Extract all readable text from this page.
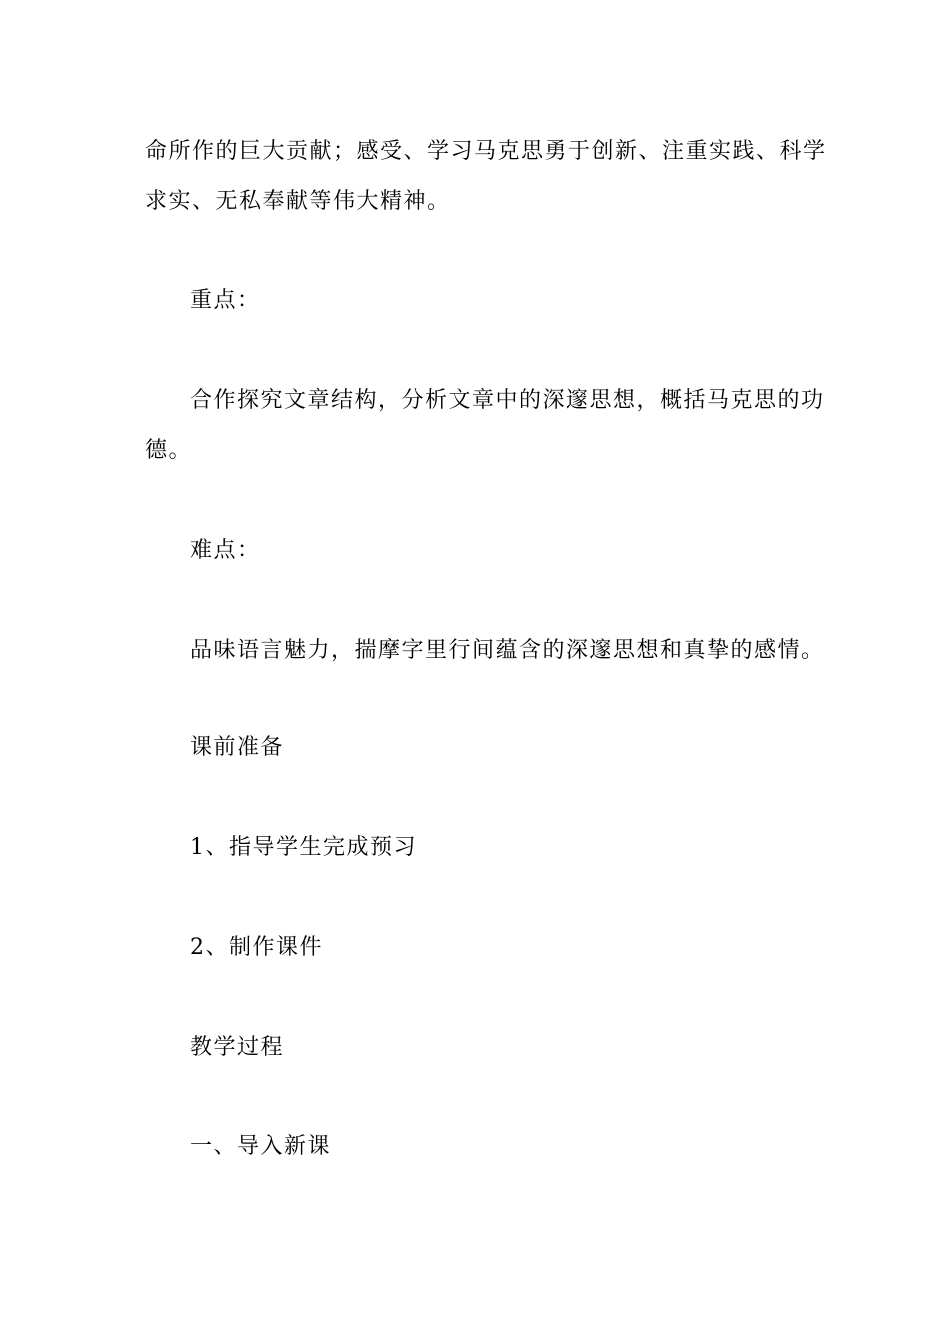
命所作的巨大贡献；感受、学习马克思勇于创新、注重实践、科学
求实、无私奉献等伟大精神。
重点：
合作探究文章结构，分析文章中的深邃思想，概括马克思的功
德。
难点：
品味语言魅力，揣摩字里行间蕴含的深邃思想和真挚的感情。
课前准备
1、指导学生完成预习
2、制作课件
教学过程
一、导入新课
